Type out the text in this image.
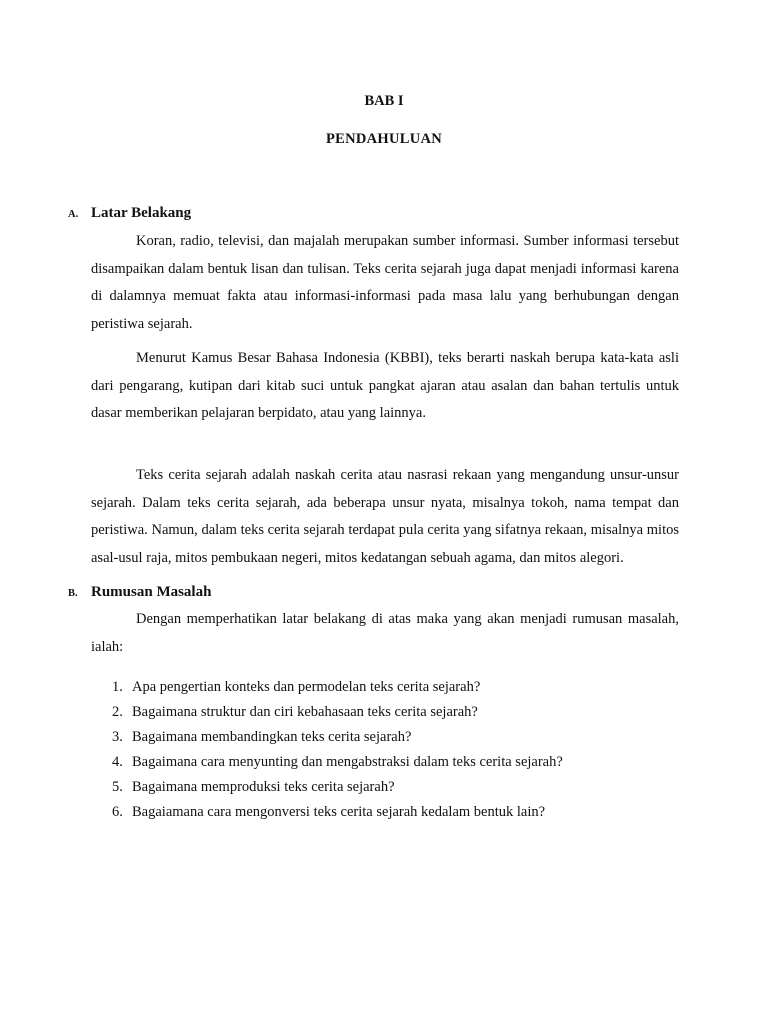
BAB I
PENDAHULUAN
A. Latar Belakang

Koran, radio, televisi, dan majalah merupakan sumber informasi. Sumber informasi tersebut disampaikan dalam bentuk lisan dan tulisan. Teks cerita sejarah juga dapat menjadi informasi karena di dalamnya memuat fakta atau informasi-informasi pada masa lalu yang berhubungan dengan peristiwa sejarah.

Menurut Kamus Besar Bahasa Indonesia (KBBI), teks berarti naskah berupa kata-kata asli dari pengarang, kutipan dari kitab suci untuk pangkat ajaran atau asalan dan bahan tertulis untuk dasar memberikan pelajaran berpidato, atau yang lainnya.

Teks cerita sejarah adalah naskah cerita atau nasrasi rekaan yang mengandung unsur-unsur sejarah. Dalam teks cerita sejarah, ada beberapa unsur nyata, misalnya tokoh, nama tempat dan peristiwa. Namun, dalam teks cerita sejarah terdapat pula cerita yang sifatnya rekaan, misalnya mitos asal-usul raja, mitos pembukaan negeri, mitos kedatangan sebuah agama, dan mitos alegori.

B. Rumusan Masalah

Dengan memperhatikan latar belakang di atas maka yang akan menjadi rumusan masalah, ialah:

1. Apa pengertian konteks dan permodelan teks cerita sejarah?
2. Bagaimana struktur dan ciri kebahasaan teks cerita sejarah?
3. Bagaimana membandingkan teks cerita sejarah?
4. Bagaimana cara menyunting dan mengabstraksi dalam teks cerita sejarah?
5. Bagaimana memproduksi teks cerita sejarah?
6. Bagaiamana cara mengonversi teks cerita sejarah kedalam bentuk lain?
